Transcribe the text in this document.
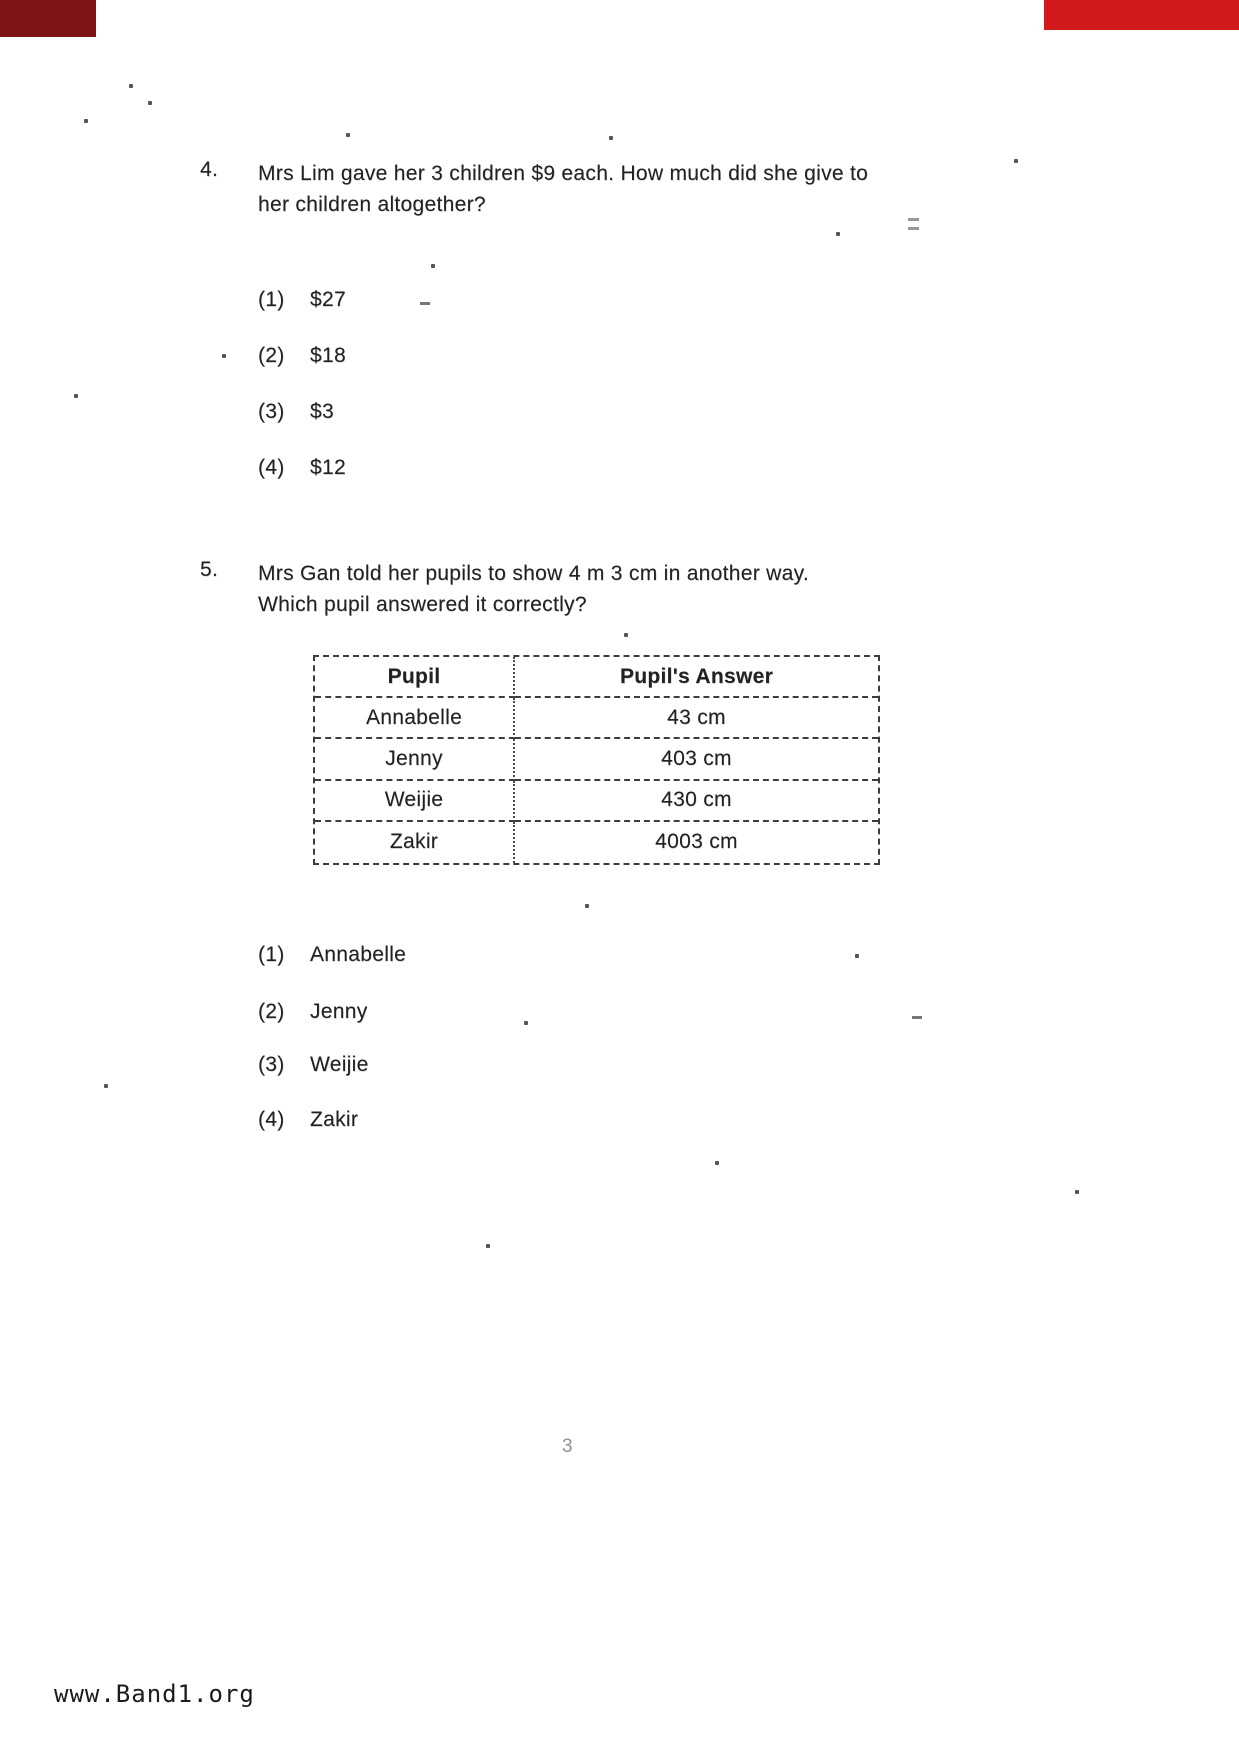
4. Mrs Lim gave her 3 children $9 each. How much did she give to
her children altogether?
(1)	$27
(2)	$18
(3)	$3
(4)	$12
5. Mrs Gan told her pupils to show 4 m 3 cm in another way.
Which pupil answered it correctly?
Pupil	Pupil's Answer
Annabelle	43 cm
Jenny	403 cm
Weijie	430 cm
Zakir	4003 cm
(1)	Annabelle
(2)	Jenny
(3)	Weijie
(4)	Zakir
3
www.Band1.org
